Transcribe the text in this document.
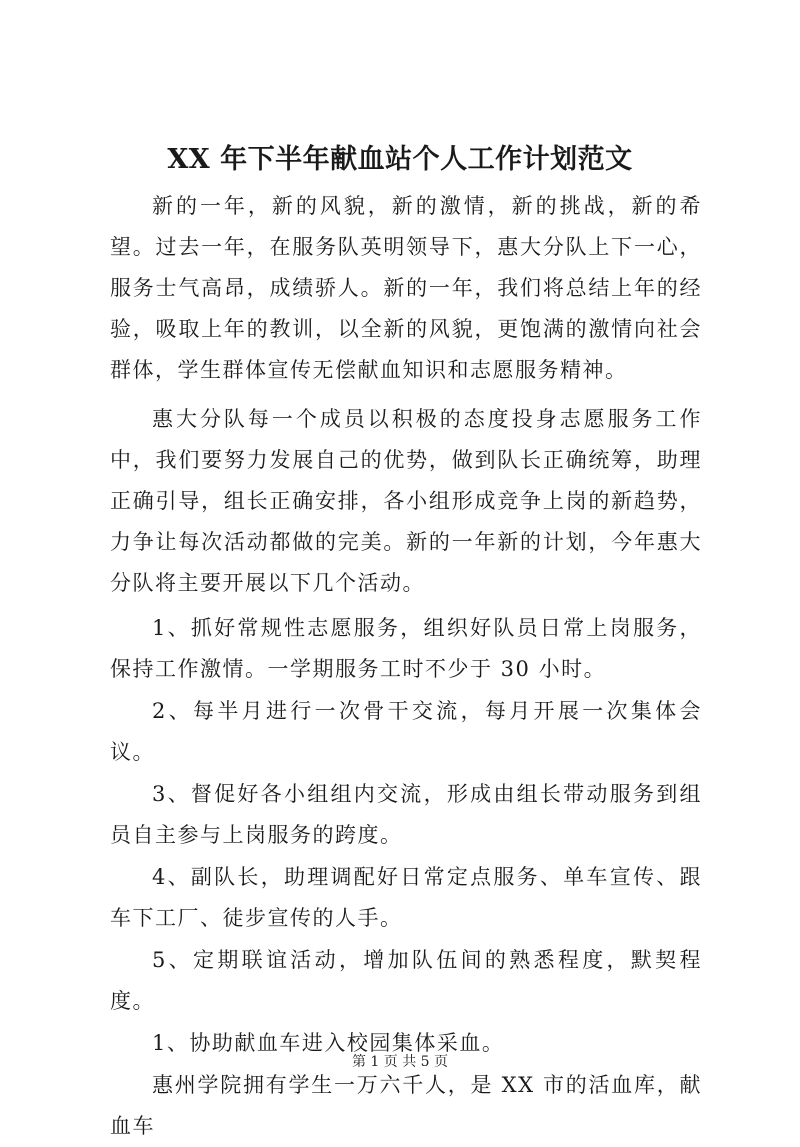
XX 年下半年献血站个人工作计划范文

新的一年，新的风貌，新的激情，新的挑战，新的希望。过去一年，在服务队英明领导下，惠大分队上下一心，服务士气高昂，成绩骄人。新的一年，我们将总结上年的经验，吸取上年的教训，以全新的风貌，更饱满的激情向社会群体，学生群体宣传无偿献血知识和志愿服务精神。

惠大分队每一个成员以积极的态度投身志愿服务工作中，我们要努力发展自己的优势，做到队长正确统筹，助理正确引导，组长正确安排，各小组形成竞争上岗的新趋势，力争让每次活动都做的完美。新的一年新的计划，今年惠大分队将主要开展以下几个活动。

1、抓好常规性志愿服务，组织好队员日常上岗服务，保持工作激情。一学期服务工时不少于 30 小时。

2、每半月进行一次骨干交流，每月开展一次集体会议。

3、督促好各小组组内交流，形成由组长带动服务到组员自主参与上岗服务的跨度。

4、副队长，助理调配好日常定点服务、单车宣传、跟车下工厂、徒步宣传的人手。

5、定期联谊活动，增加队伍间的熟悉程度，默契程度。

1、协助献血车进入校园集体采血。

惠州学院拥有学生一万六千人，是 XX 市的活血库，献血车

第 1 页 共 5 页
